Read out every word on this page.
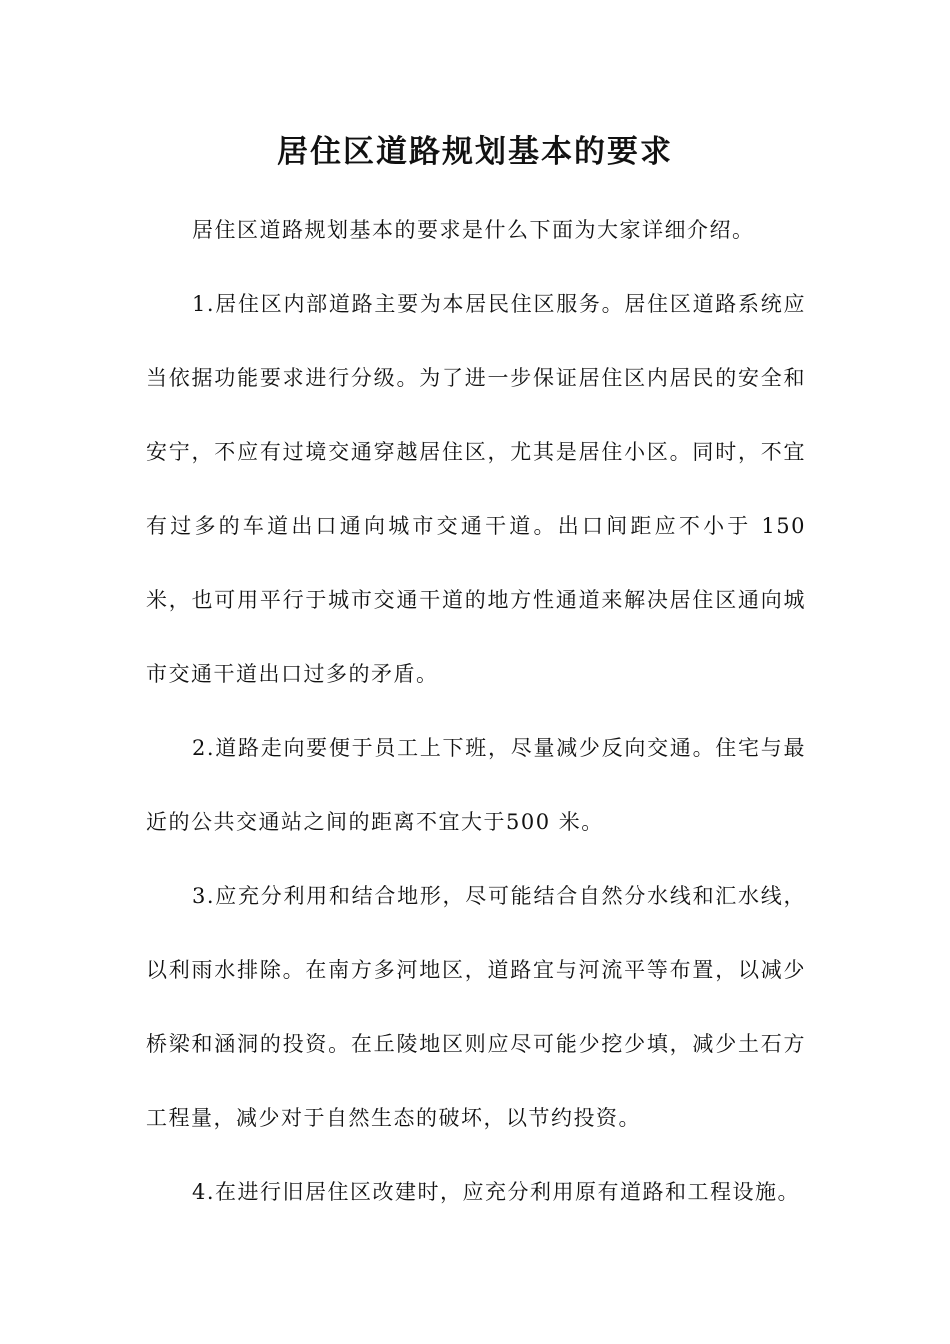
居住区道路规划基本的要求

居住区道路规划基本的要求是什么下面为大家详细介绍。

1.居住区内部道路主要为本居民住区服务。居住区道路系统应当依据功能要求进行分级。为了进一步保证居住区内居民的安全和安宁，不应有过境交通穿越居住区，尤其是居住小区。同时，不宜有过多的车道出口通向城市交通干道。出口间距应不小于 150 米，也可用平行于城市交通干道的地方性通道来解决居住区通向城市交通干道出口过多的矛盾。

2.道路走向要便于员工上下班，尽量减少反向交通。住宅与最近的公共交通站之间的距离不宜大于500 米。

3.应充分利用和结合地形，尽可能结合自然分水线和汇水线，以利雨水排除。在南方多河地区，道路宜与河流平等布置，以减少桥梁和涵洞的投资。在丘陵地区则应尽可能少挖少填，减少土石方工程量，减少对于自然生态的破坏，以节约投资。

4.在进行旧居住区改建时，应充分利用原有道路和工程设施。
